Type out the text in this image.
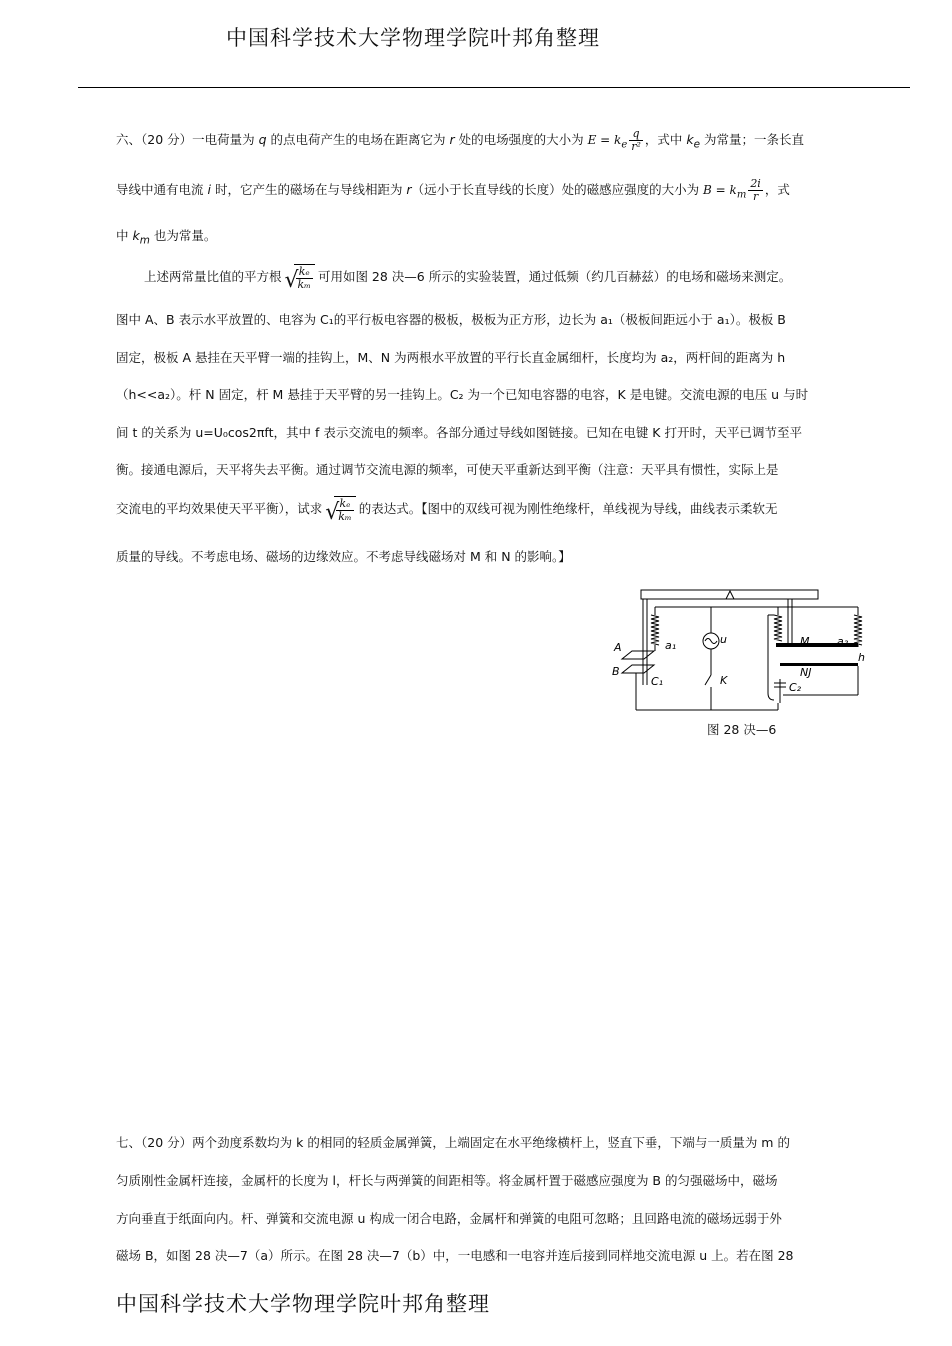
中国科学技术大学物理学院叶邦角整理
六、（20 分）一电荷量为 q 的点电荷产生的电场在距离它为 r 处的电场强度的大小为 $E = k_e \frac{q}{\text{r²}}$ ，式中 $k_e$ 为常量；一条长直
导线中通有电流 i 时，它产生的磁场在与导线相距为 r（远小于长直导线的长度）处的磁感应强度的大小为 $B = k_m \frac{2i}{r}$ ，式
中 $k_m$ 也为常量。
上述两常量比值的平方根 √
$\frac{\text{kₑ}}{\text{kₘ}}$ 可用如图 28 决—6 所示的实验装置，通过低频（约几百赫兹）的电场和磁场来测定。
图中 A、B 表示水平放置的、电容为 C₁的平行板电容器的极板，极板为正方形，边长为 a₁（极板间距远小于 a₁）。极板 B
固定，极板 A 悬挂在天平臂一端的挂钩上，M、N 为两根水平放置的平行长直金属细杆，长度均为 a₂，两杆间的距离为 h
（h<<a₂）。杆 N 固定，杆 M 悬挂于天平臂的另一挂钩上。C₂ 为一个已知电容器的电容，K 是电键。交流电源的电压 u 与时
间 t 的关系为 u=U₀cos2πft，其中 f 表示交流电的频率。各部分通过导线如图链接。已知在电键 K 打开时，天平已调节至平
衡。接通电源后，天平将失去平衡。通过调节交流电源的频率，可使天平重新达到平衡（注意：天平具有惯性，实际上是
交流电的平均效果使天平平衡），试求 √
$\frac{\text{kₑ}}{\text{kₘ}}$ 的表达式。【图中的双线可视为刚性绝缘杆，单线视为导线，曲线表示柔软无
质量的导线。不考虑电场、磁场的边缘效应。不考虑导线磁场对 M 和 N 的影响。】
A
B
a₁
C₁
u
K
M	a₂
h
NJ
C₂
图 28 决—6
七、（20 分）两个劲度系数均为 k 的相同的轻质金属弹簧，上端固定在水平绝缘横杆上，竖直下垂，下端与一质量为 m 的
匀质刚性金属杆连接，金属杆的长度为 l，杆长与两弹簧的间距相等。将金属杆置于磁感应强度为 B 的匀强磁场中，磁场
方向垂直于纸面向内。杆、弹簧和交流电源 u 构成一闭合电路，金属杆和弹簧的电阻可忽略；且回路电流的磁场远弱于外
磁场 B，如图 28 决—7（a）所示。在图 28 决—7（b）中，一电感和一电容并连后接到同样地交流电源 u 上。若在图 28
中国科学技术大学物理学院叶邦角整理
